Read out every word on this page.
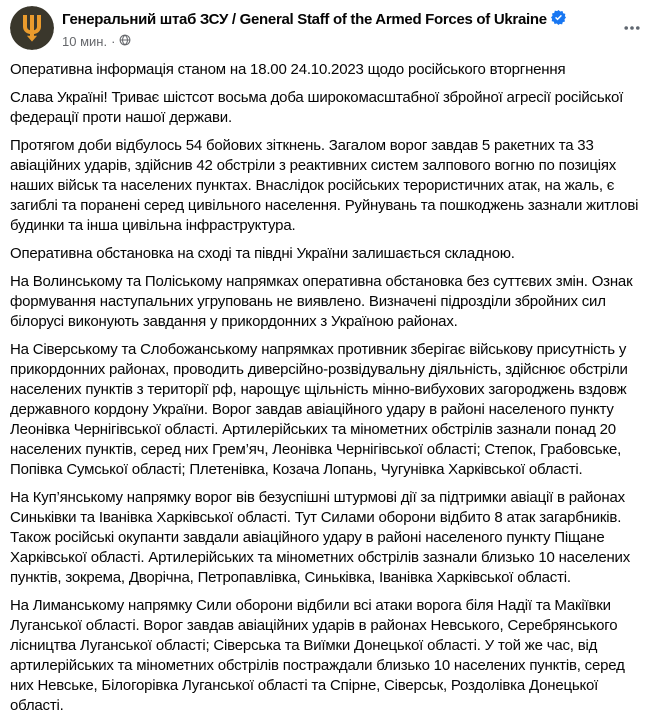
Генеральний штаб ЗСУ / General Staff of the Armed Forces of Ukraine
10 мин. ·

Оперативна інформація станом на 18.00 24.10.2023 щодо російського вторгнення

Слава Україні! Триває шістсот восьма доба широкомасштабної збройної агресії російської федерації проти нашої держави.

Протягом доби відбулось 54 бойових зіткнень. Загалом ворог завдав 5 ракетних та 33 авіаційних ударів, здійснив 42 обстріли з реактивних систем залпового вогню по позиціях наших військ та населених пунктах. Внаслідок російських терористичних атак, на жаль, є загиблі та поранені серед цивільного населення. Руйнувань та пошкоджень зазнали житлові будинки та інша цивільна інфраструктура.

Оперативна обстановка на сході та півдні України залишається складною.

На Волинському та Поліському напрямках оперативна обстановка без суттєвих змін. Ознак формування наступальних угруповань не виявлено. Визначені підрозділи збройних сил білорусі виконують завдання у прикордонних з Україною районах.

На Сіверському та Слобожанському напрямках противник зберігає військову присутність у прикордонних районах, проводить диверсійно-розвідувальну діяльність, здійснює обстріли населених пунктів з території рф, нарощує щільність мінно-вибухових загороджень вздовж державного кордону України. Ворог завдав авіаційного удару в районі населеного пункту Леонівка Чернігівської області. Артилерійських та мінометних обстрілів зазнали понад 20 населених пунктів, серед них Грем’яч, Леонівка Чернігівської області; Степок, Грабовське, Попівка Сумської області; Плетенівка, Козача Лопань, Чугунівка Харківської області.

На Куп’янському напрямку ворог вів безуспішні штурмові дії за підтримки авіації в районах Синьківки та Іванівка Харківської області. Тут Силами оборони відбито 8 атак загарбників. Також російські окупанти завдали авіаційного удару в районі населеного пункту Піщане Харківської області. Артилерійських та мінометних обстрілів зазнали близько 10 населених пунктів, зокрема, Дворічна, Петропавлівка, Синьківка, Іванівка Харківської області.

На Лиманському напрямку Сили оборони відбили всі атаки ворога біля Надії та Макіївки Луганської області. Ворог завдав авіаційних ударів в районах Невського, Серебрянського лісництва Луганської області; Сіверська та Виїмки Донецької області. У той же час, від артилерійських та мінометних обстрілів постраждали близько 10 населених пунктів, серед них Невське, Білогорівка Луганської області та Спірне, Сіверськ, Роздолівка Донецької області.
